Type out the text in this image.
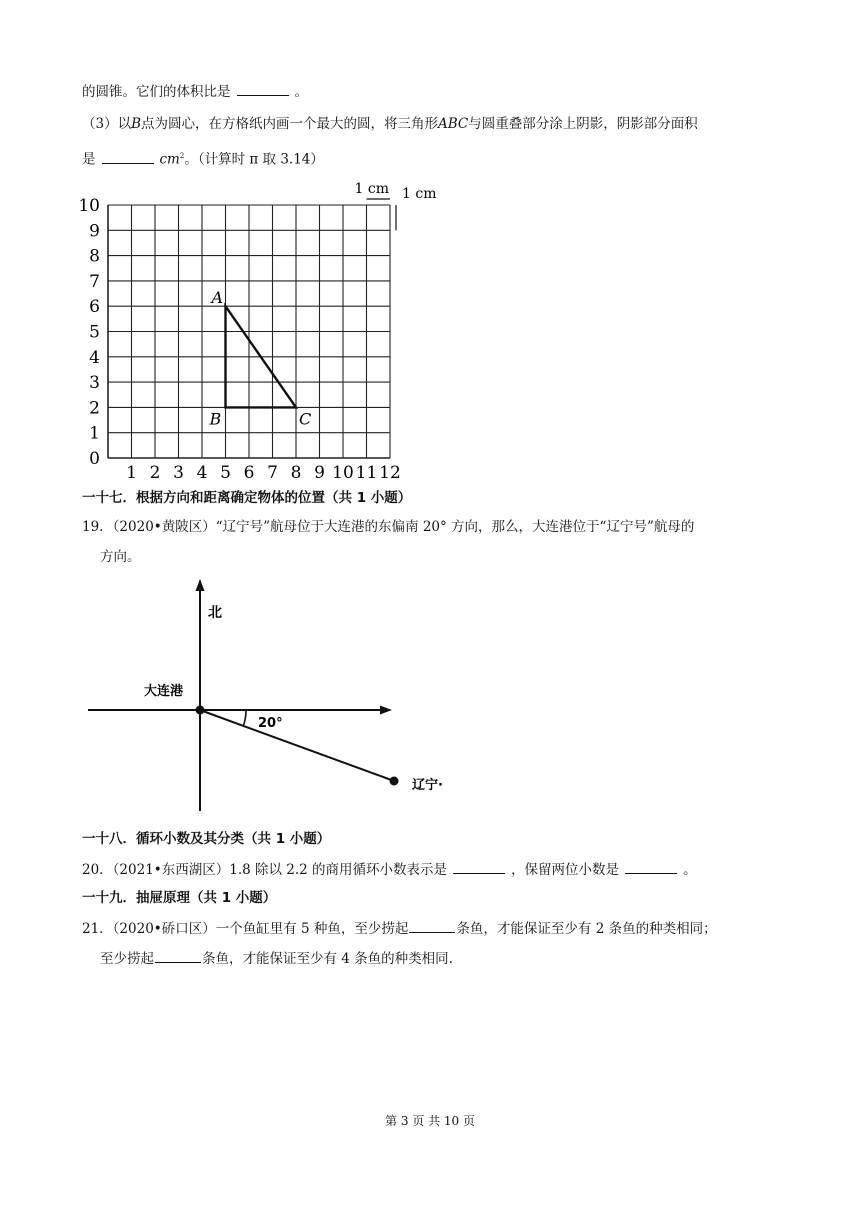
的圆锥。它们的体积比是	。
（3）以B点为圆心，在方格纸内画一个最大的圆，将三角形ABC与圆重叠部分涂上阴影，阴影部分面积
是	$cm^2$。（计算时 π 取 3.14）
10
9
8
7
6
5
4
3
2
1
0
1 2 3 4 5 6 7 8 9 10 11 12
A
B	C
1 cm 1 cm
一十七．根据方向和距离确定物体的位置（共 1 小题）
19．（2020•黄陂区）“辽宁号”航母位于大连港的东偏南 20° 方向，那么，大连港位于“辽宁号”航母的
方向。
北
大连港
20°
辽宁·
一十八．循环小数及其分类（共 1 小题）
20．（2021•东西湖区）1.8 除以 2.2 的商用循环小数表示是	，保留两位小数是	。
一十九．抽屉原理（共 1 小题）
21．（2020•硚口区）一个鱼缸里有 5 种鱼，至少捞起	条鱼，才能保证至少有 2 条鱼的种类相同；
至少捞起	条鱼，才能保证至少有 4 条鱼的种类相同.
第 3 页 共 10 页
